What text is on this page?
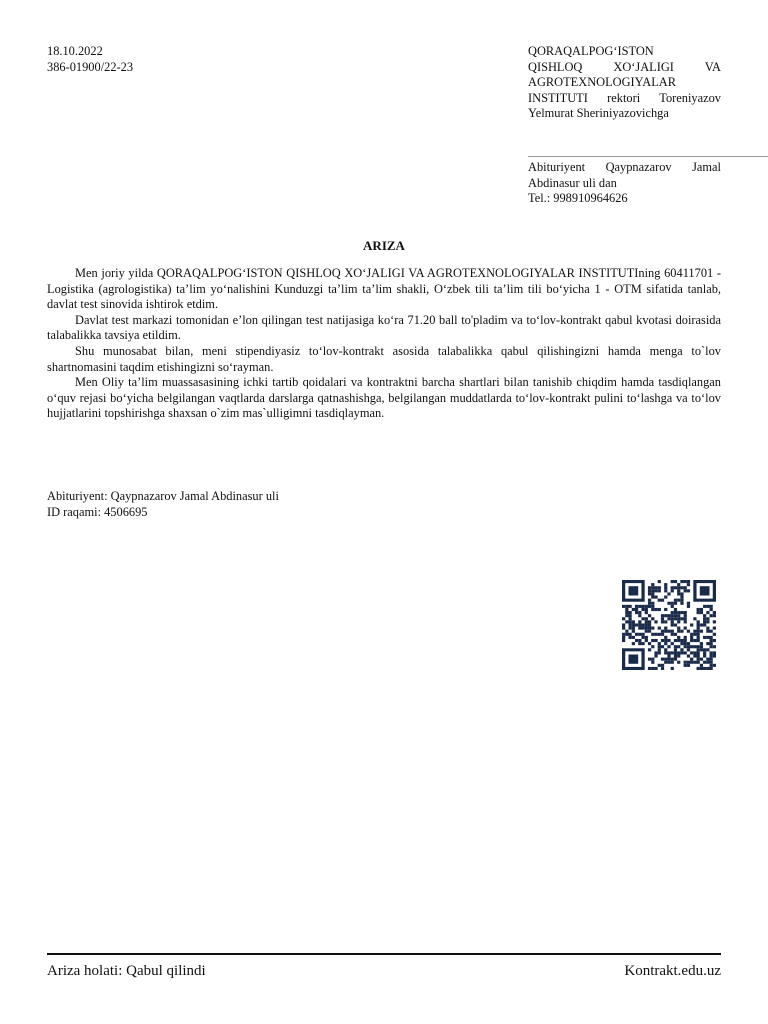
18.10.2022
386-01900/22-23
QORAQALPOGʻISTON
QISHLOQ XOʻJALIGI VA
AGROTEXNOLOGIYALAR
INSTITUTI rektori Toreniyazov
Yelmurat Sheriniyazovichga
Abituriyent Qaypnazarov Jamal
Abdinasur uli dan
Tel.: 998910964626
ARIZA

Men joriy yilda QORAQALPOGʻISTON QISHLOQ XOʻJALIGI VA AGROTEXNOLOGIYALAR INSTITUTIning 60411701 - Logistika (agrologistika) taʼlim yoʻnalishini Kunduzgi taʼlim taʼlim shakli, Oʻzbek tili taʼlim tili boʻyicha 1 - OTM sifatida tanlab, davlat test sinovida ishtirok etdim.

Davlat test markazi tomonidan eʼlon qilingan test natijasiga koʻra 71.20 ball to'pladim va toʻlov-kontrakt qabul kvotasi doirasida talabalikka tavsiya etildim.

Shu munosabat bilan, meni stipendiyasiz toʻlov-kontrakt asosida talabalikka qabul qilishingizni hamda menga to`lov shartnomasini taqdim etishingizni soʻrayman.

Men Oliy taʼlim muassasasining ichki tartib qoidalari va kontraktni barcha shartlari bilan tanishib chiqdim hamda tasdiqlangan oʻquv rejasi boʻyicha belgilangan vaqtlarda darslarga qatnashishga, belgilangan muddatlarda toʻlov-kontrakt pulini toʻlashga va toʻlov hujjatlarini topshirishga shaxsan o`zim mas`ulligimni tasdiqlayman.

Abituriyent: Qaypnazarov Jamal Abdinasur uli
ID raqami: 4506695
Ariza holati: Qabul qilindi	Kontrakt.edu.uz
